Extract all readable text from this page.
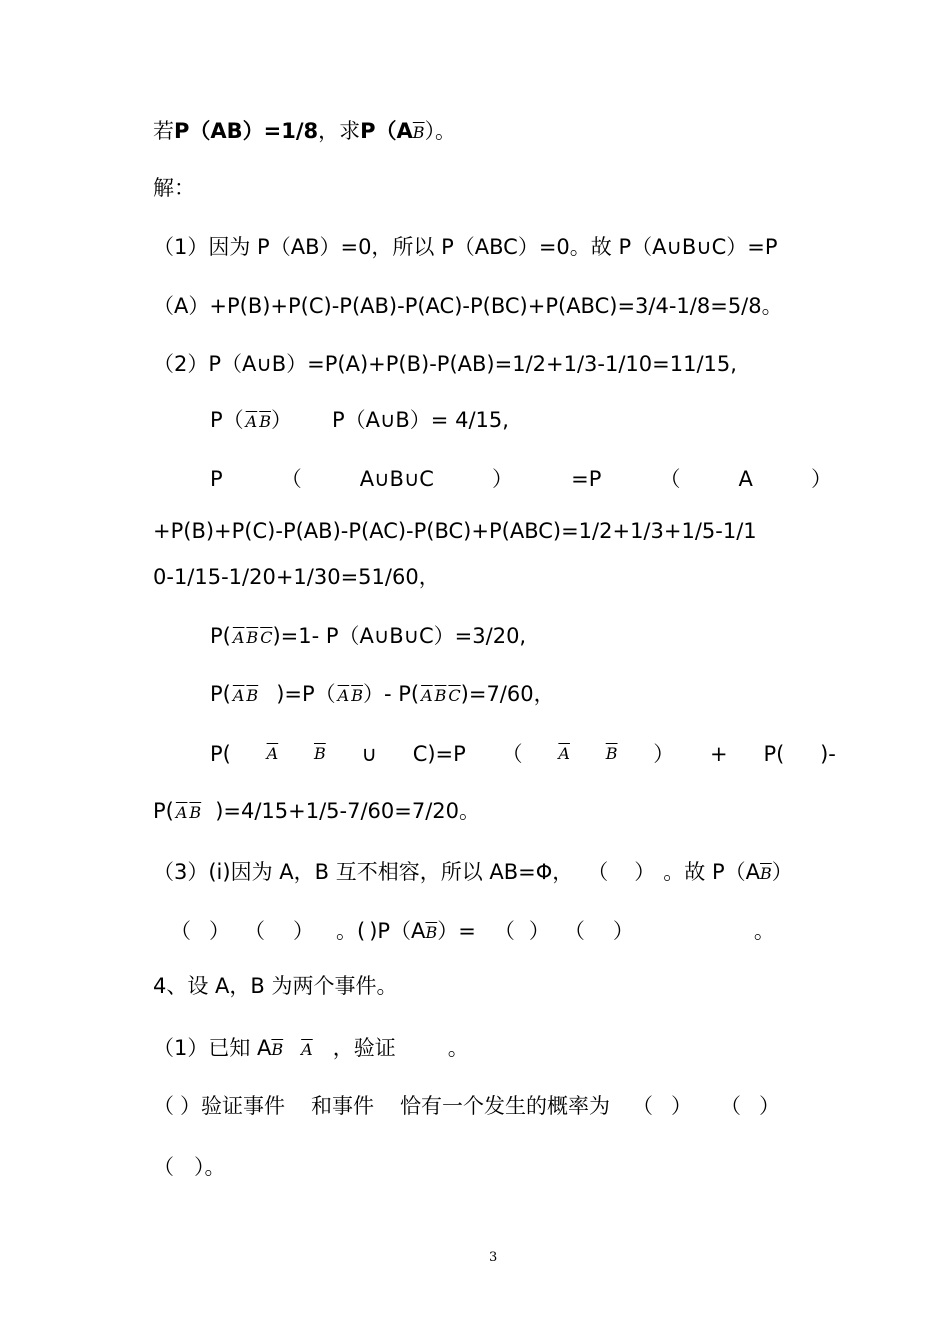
若P（AB）=1/8，求$P(A\overline{B})$。
解：
（1）因为 P（AB）=0，所以 P（ABC）=0。故 P（A∪B∪C）=P
（A）+P(B)+P(C)-P(AB)-P(AC)-P(BC)+P(ABC)=3/4-1/8=5/8。
（2）P（A∪B）=P(A)+P(B)-P(AB)=1/2+1/3-1/10=11/15,
P（ $\overline{A}$ $\overline{B}$） P（A∪B）= 4/15,
P	（	A∪B∪C	）	=P	（	A	）
+P(B)+P(C)-P(AB)-P(AC)-P(BC)+P(ABC)=1/2+1/3+1/5-1/1
0-1/15-1/20+1/30=51/60，
P( $\overline{A}$ $\overline{B}$ $\overline{C})=1-$ P（A∪B∪C）=3/20,
P( $\overline{A}$ $\overline{B}$ )=P（ $\overline{A}$ $\overline{B})-$ P( $\overline{A}$ $\overline{B}$ $\overline{C})=7/60$，
P( $\overline{A}$ $\overline{B}$ ∪ C)=P （ $\overline{A}$ $\overline{B}$ ） + P( )-
P( $\overline{A}$ $\overline{B}$ )=4/15+1/5-7/60=7/20。
（3）(ⅰ)因为 A，B 互不相容，所以 AB=Φ， （ ） 。故 $P(A\overline{B})$
（ ） （ ） 。( )$P(A\overline{B})=$ （ ） （ ）	。
4、设 A，B 为两个事件。
（1）已知 $A\overline{B}$ $\overline{A}$ ，验证 。
（ ）验证事件 和事件 恰有一个发生的概率为 （ ） （ ）
（ ）。
3
